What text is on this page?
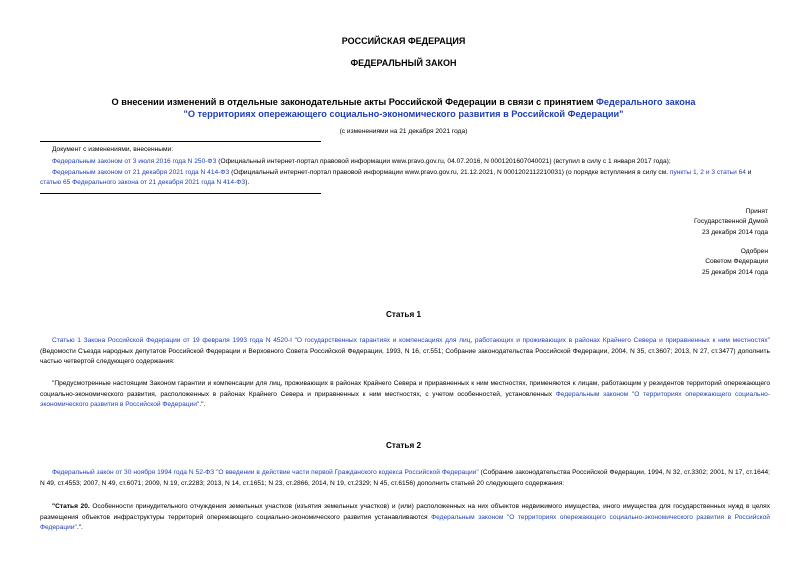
РОССИЙСКАЯ ФЕДЕРАЦИЯ
ФЕДЕРАЛЬНЫЙ ЗАКОН
О внесении изменений в отдельные законодательные акты Российской Федерации в связи с принятием Федерального закона "О территориях опережающего социально-экономического развития в Российской Федерации"
(с изменениями на 21 декабря 2021 года)
Документ с изменениями, внесенными:
Федеральным законом от 3 июля 2016 года N 250-ФЗ (Официальный интернет-портал правовой информации www.pravo.gov.ru, 04.07.2016, N 0001201607040021) (вступил в силу с 1 января 2017 года);
Федеральным законом от 21 декабря 2021 года N 414-ФЗ (Официальный интернет-портал правовой информации www.pravo.gov.ru, 21.12.2021, N 0001202112210031) (о порядке вступления в силу см. пункты 1, 2 и 3 статьи 64 и статью 65 Федерального закона от 21 декабря 2021 года N 414-ФЗ).
Принят
Государственной Думой
23 декабря 2014 года
Одобрен
Советом Федерации
25 декабря 2014 года
Статья 1
Статью 1 Закона Российской Федерации от 19 февраля 1993 года N 4520-I "О государственных гарантиях и компенсациях для лиц, работающих и проживающих в районах Крайнего Севера и приравненных к ним местностях" (Ведомости Съезда народных депутатов Российской Федерации и Верховного Совета Российской Федерации, 1993, N 16, ст.551; Собрание законодательства Российской Федерации, 2004, N 35, ст.3607; 2013, N 27, ст.3477) дополнить частью четвертой следующего содержания:
"Предусмотренные настоящим Законом гарантии и компенсации для лиц, проживающих в районах Крайнего Севера и приравненных к ним местностях, применяются к лицам, работающим у резидентов территорий опережающего социально-экономического развития, расположенных в районах Крайнего Севера и приравненных к ним местностях, с учетом особенностей, установленных Федеральным законом "О территориях опережающего социально-экономического развития в Российской Федерации".".
Статья 2
Федеральный закон от 30 ноября 1994 года N 52-ФЗ "О введении в действие части первой Гражданского кодекса Российской Федерации" (Собрание законодательства Российской Федерации, 1994, N 32, ст.3302; 2001, N 17, ст.1644; N 49, ст.4553; 2007, N 49, ст.6071; 2009, N 19, ст.2283; 2013, N 14, ст.1651; N 23, ст.2866, 2014, N 19, ст.2329; N 45, ст.6156) дополнить статьей 20 следующего содержания:
"Статья 20. Особенности принудительного отчуждения земельных участков (изъятия земельных участков) и (или) расположенных на них объектов недвижимого имущества, иного имущества для государственных нужд в целях размещения объектов инфраструктуры территорий опережающего социально-экономического развития устанавливаются Федеральным законом "О территориях опережающего социально-экономического развития в Российской Федерации".".
